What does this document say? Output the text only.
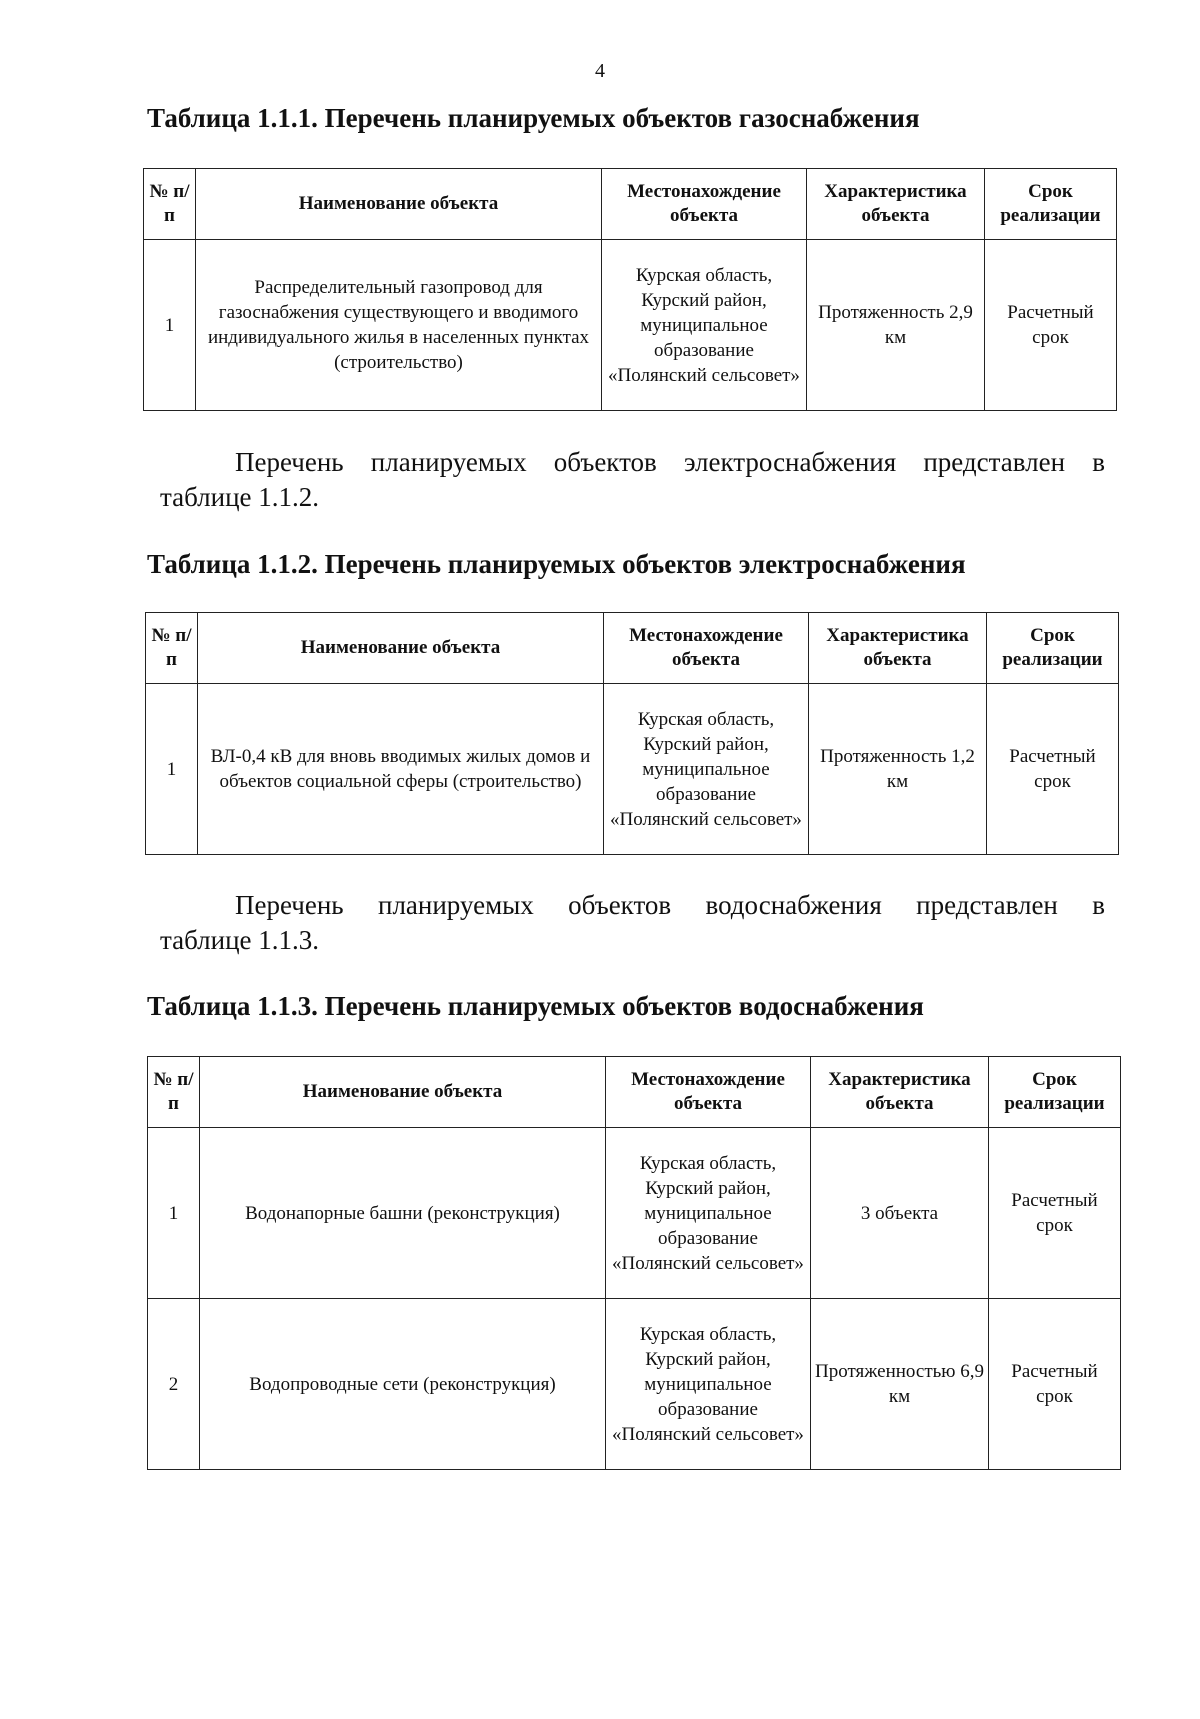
4
Таблица 1.1.1. Перечень планируемых объектов газоснабжения
№ п/п	Наименование объекта	Местонахождение объекта	Характеристика объекта	Срок реализации
1	Распределительный газопровод для газоснабжения существующего и вводимого индивидуального жилья в населенных пунктах (строительство)	Курская область, Курский район, муниципальное образование «Полянский сельсовет»	Протяженность 2,9 км	Расчетный срок
Перечень планируемых объектов электроснабжения представлен в
таблице 1.1.2.
Таблица 1.1.2. Перечень планируемых объектов электроснабжения
№ п/п	Наименование объекта	Местонахождение объекта	Характеристика объекта	Срок реализации
1	ВЛ-0,4 кВ для вновь вводимых жилых домов и объектов социальной сферы (строительство)	Курская область, Курский район, муниципальное образование «Полянский сельсовет»	Протяженность 1,2 км	Расчетный срок
Перечень планируемых объектов водоснабжения представлен в
таблице 1.1.3.
Таблица 1.1.3. Перечень планируемых объектов водоснабжения
№ п/п	Наименование объекта	Местонахождение объекта	Характеристика объекта	Срок реализации
1	Водонапорные башни (реконструкция)	Курская область, Курский район, муниципальное образование «Полянский сельсовет»	3 объекта	Расчетный срок
2	Водопроводные сети (реконструкция)	Курская область, Курский район, муниципальное образование «Полянский сельсовет»	Протяженностью 6,9 км	Расчетный срок
